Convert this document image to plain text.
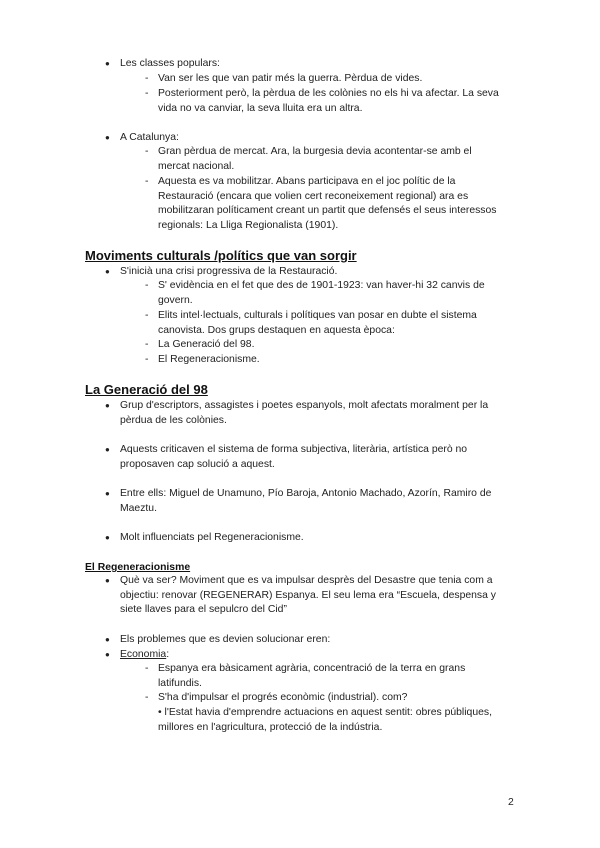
● Les classes populars:
- Van ser les que van patir més la guerra. Pèrdua de vides.
- Posteriorment però, la pèrdua de les colònies no els hi va afectar. La seva vida no va canviar, la seva lluita era un altra.
● A Catalunya:
- Gran pèrdua de mercat. Ara, la burgesia devia acontentar-se amb el mercat nacional.
- Aquesta es va mobilitzar. Abans participava en el joc polític de la Restauració (encara que volien cert reconeixement regional) ara es mobilitzaran políticament creant un partit que defensés el seus interessos regionals: La Lliga Regionalista (1901).
Moviments culturals /polítics que van sorgir
● S'inicià una crisi progressiva de la Restauració.
- S' evidència en el fet que des de 1901-1923: van haver-hi 32 canvis de govern.
- Elits intel·lectuals, culturals i polítiques van posar en dubte el sistema canovista. Dos grups destaquen en aquesta època:
- La Generació del 98.
- El Regeneracionisme.
La Generació del 98
● Grup d'escriptors, assagistes i poetes espanyols, molt afectats moralment per la pèrdua de les colònies.
● Aquests criticaven el sistema de forma subjectiva, literària, artística però no proposaven cap solució a aquest.
● Entre ells: Miguel de Unamuno, Pío Baroja, Antonio Machado, Azorín, Ramiro de Maeztu.
● Molt influenciats pel Regeneracionisme.
El Regeneracionisme
● Què va ser? Moviment que es va impulsar desprès del Desastre que tenia com a objectiu: renovar (REGENERAR) Espanya. El seu lema era “Escuela, despensa y siete llaves para el sepulcro del Cid”
● Els problemes que es devien solucionar eren:
● Economia:
- Espanya era bàsicament agrària, concentració de la terra en grans latifundis.
- S'ha d'impulsar el progrés econòmic (industrial). com?
• l'Estat havia d'emprendre actuacions en aquest sentit: obres públiques, millores en l'agricultura, protecció de la indústria.
2
